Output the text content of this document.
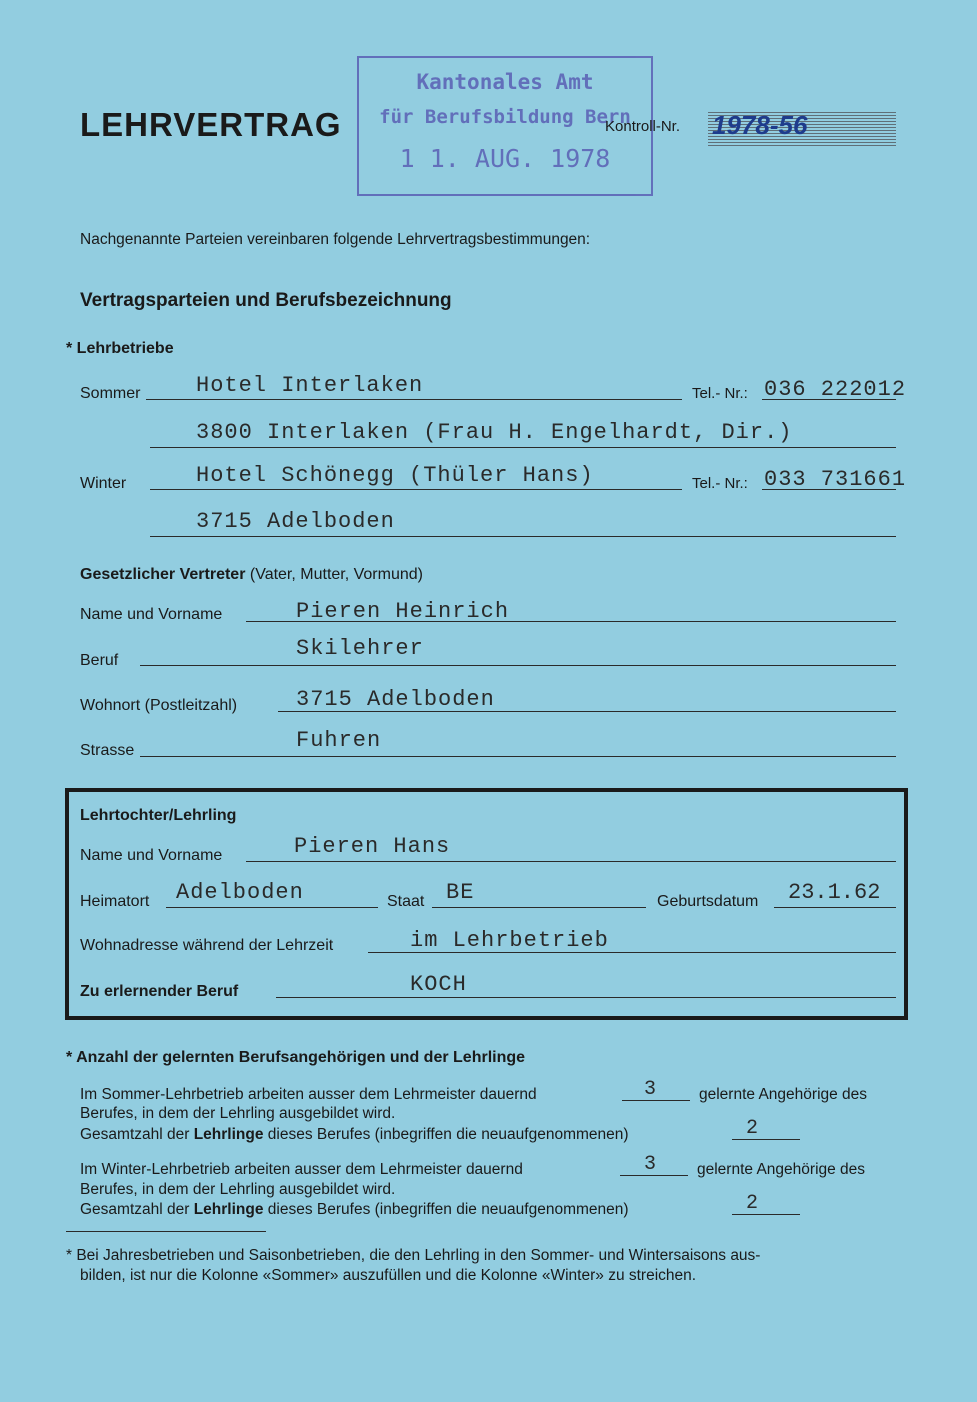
LEHRVERTRAG
Kantonales Amt
für Berufsbildung Bern
1 1. AUG. 1978
Kontroll-Nr. 1978-56
Nachgenannte Parteien vereinbaren folgende Lehrvertragsbestimmungen:
Vertragsparteien und Berufsbezeichnung
* Lehrbetriebe
Sommer	Hotel Interlaken	Tel.- Nr.: 036 222012
3800 Interlaken (Frau H. Engelhardt, Dir.)
Winter	Hotel Schönegg (Thüler Hans)	Tel.- Nr.: 033 731661
3715 Adelboden
Gesetzlicher Vertreter (Vater, Mutter, Vormund)
Name und Vorname	Pieren Heinrich
Beruf	Skilehrer
Wohnort (Postleitzahl)	3715 Adelboden
Strasse	Fuhren
Lehrtochter/Lehrling
Name und Vorname	Pieren Hans
Heimatort Adelboden	Staat BE	Geburtsdatum 23.1.62
Wohnadresse während der Lehrzeit	im Lehrbetrieb
Zu erlernender Beruf	KOCH
* Anzahl der gelernten Berufsangehörigen und der Lehrlinge
Im Sommer-Lehrbetrieb arbeiten ausser dem Lehrmeister dauernd	3	gelernte Angehörige des
Berufes, in dem der Lehrling ausgebildet wird.
Gesamtzahl der Lehrlinge dieses Berufes (inbegriffen die neuaufgenommenen)	2
Im Winter-Lehrbetrieb arbeiten ausser dem Lehrmeister dauernd	3	gelernte Angehörige des
Berufes, in dem der Lehrling ausgebildet wird.
Gesamtzahl der Lehrlinge dieses Berufes (inbegriffen die neuaufgenommenen)	2
* Bei Jahresbetrieben und Saisonbetrieben, die den Lehrling in den Sommer- und Wintersaisons aus-
bilden, ist nur die Kolonne «Sommer» auszufüllen und die Kolonne «Winter» zu streichen.
